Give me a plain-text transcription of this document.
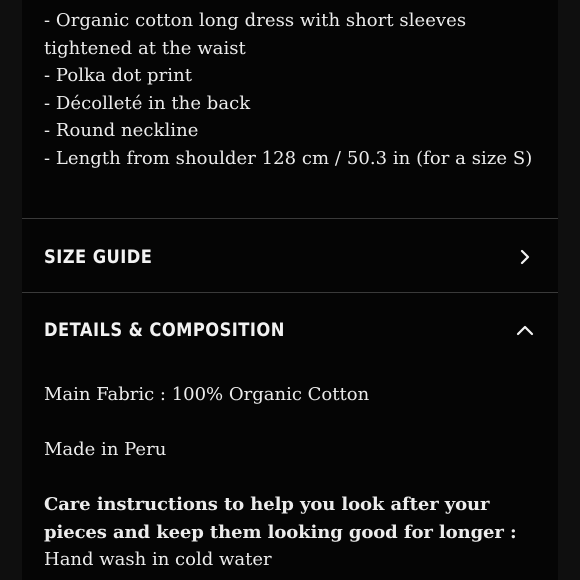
- Organic cotton long dress with short sleeves
tightened at the waist
- Polka dot print
- Décolleté in the back
- Round neckline
- Length from shoulder 128 cm / 50.3 in (for a size S)
SIZE GUIDE
DETAILS & COMPOSITION
Main Fabric : 100% Organic Cotton
Made in Peru
Care instructions to help you look after your pieces and keep them looking good for longer :
Hand wash in cold water
